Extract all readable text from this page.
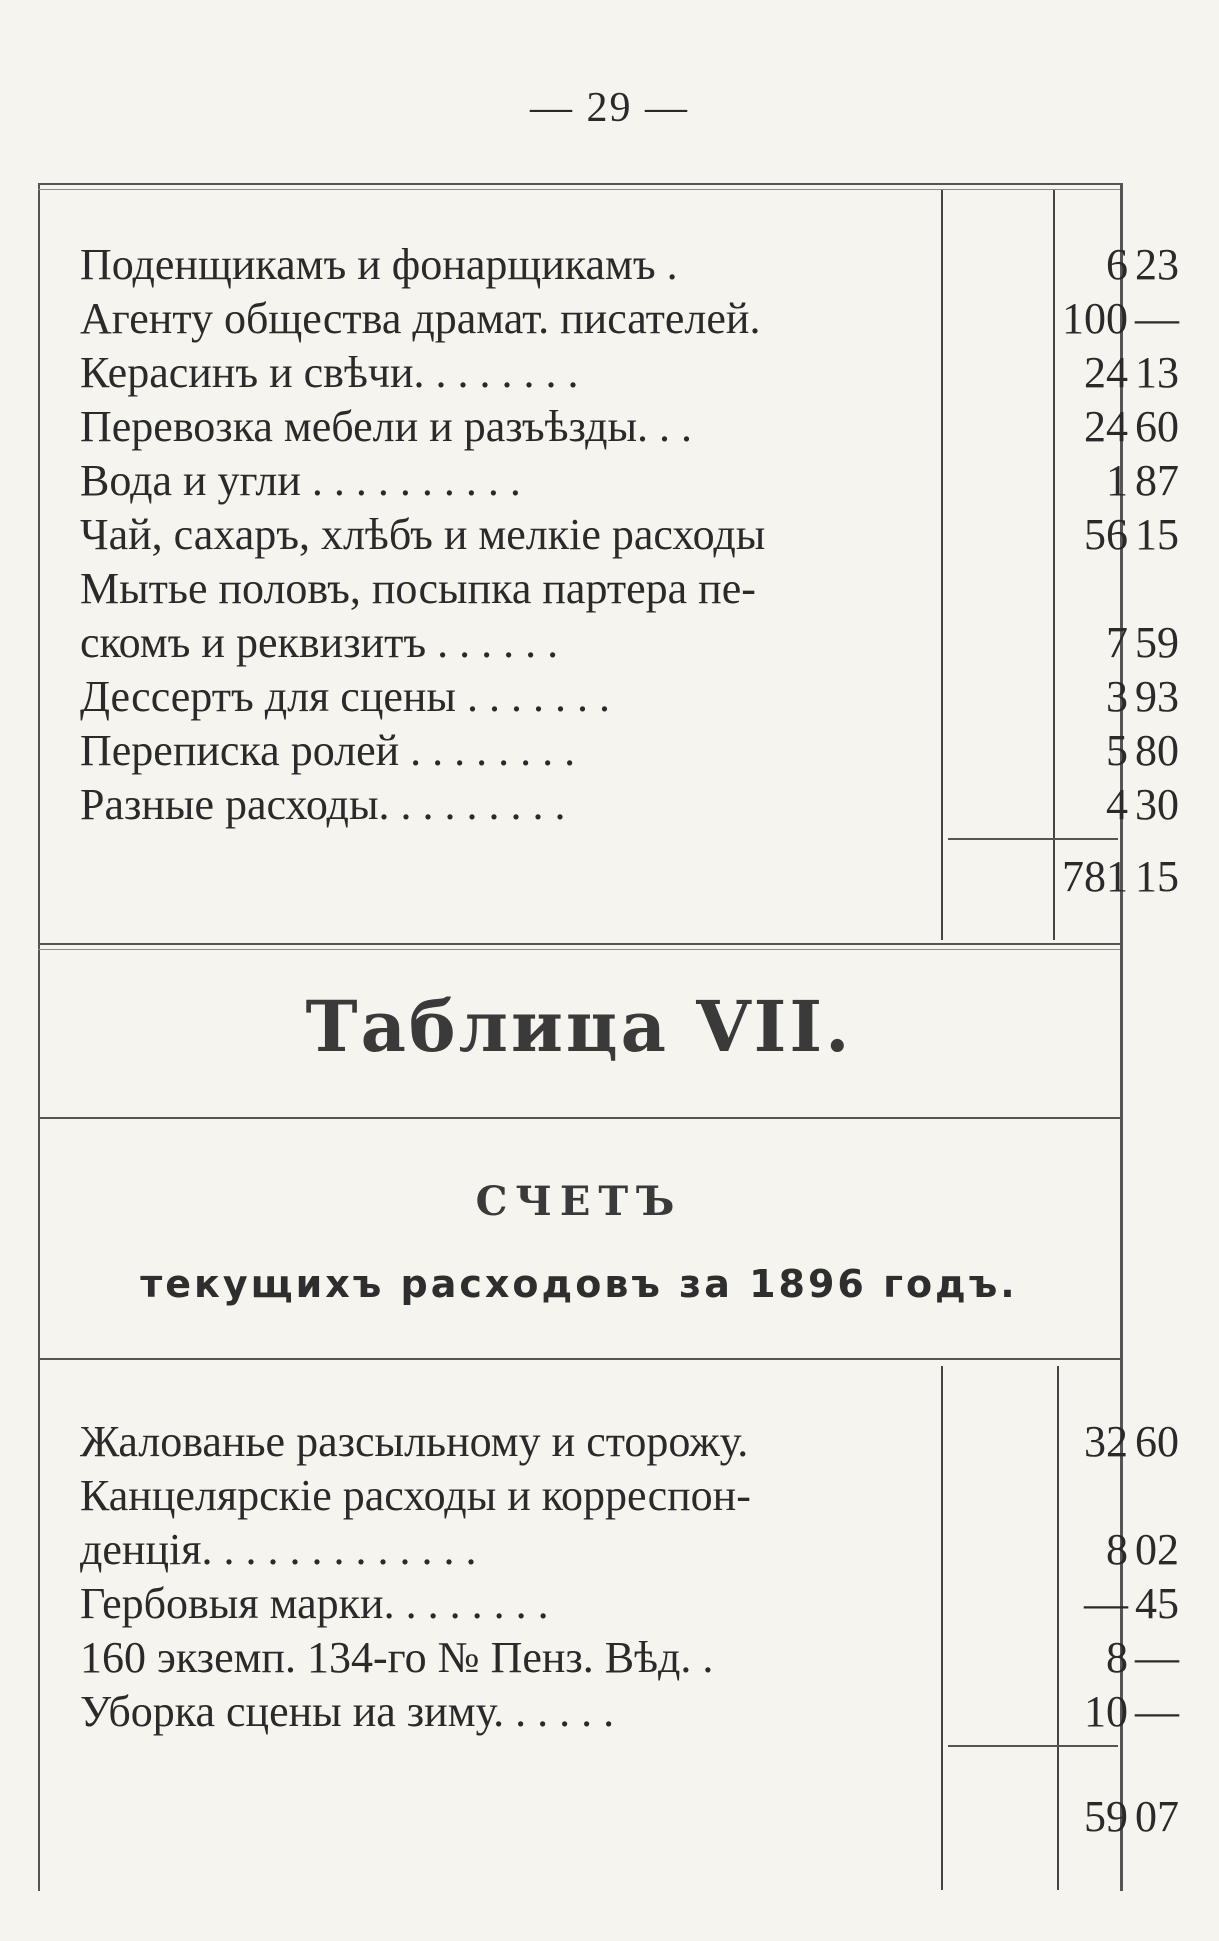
— 29 —
Поденщикамъ и фонарщикамъ .	6 23
Агенту общества драмат. писателей.	100 —
Керасинъ и свѣчи. . . . . . . .	24 13
Перевозка мебели и разъѣзды. . .	24 60
Вода и угли . . . . . . . . . .	1 87
Чай, сахаръ, хлѣбъ и мелкіе расходы	56 15
Мытье половъ, посыпка партера пе-
скомъ и реквизитъ . . . . . .	7 59
Дессертъ для сцены . . . . . . .	3 93
Переписка ролей . . . . . . . .	5 80
Разные расходы. . . . . . . . .	4 30
781 15
Таблица VII.
СЧЕТЪ
текущихъ расходовъ за 1896 годъ.
Жалованье разсыльному и сторожу.	32 60
Канцелярскіе расходы и корреспон-
денція. . . . . . . . . . . . .	8 02
Гербовыя марки. . . . . . . .	— 45
160 экземп. 134-го № Пенз. Вѣд. .	8 —
Уборка сцены иа зиму. . . . . .	10 —
59 07
